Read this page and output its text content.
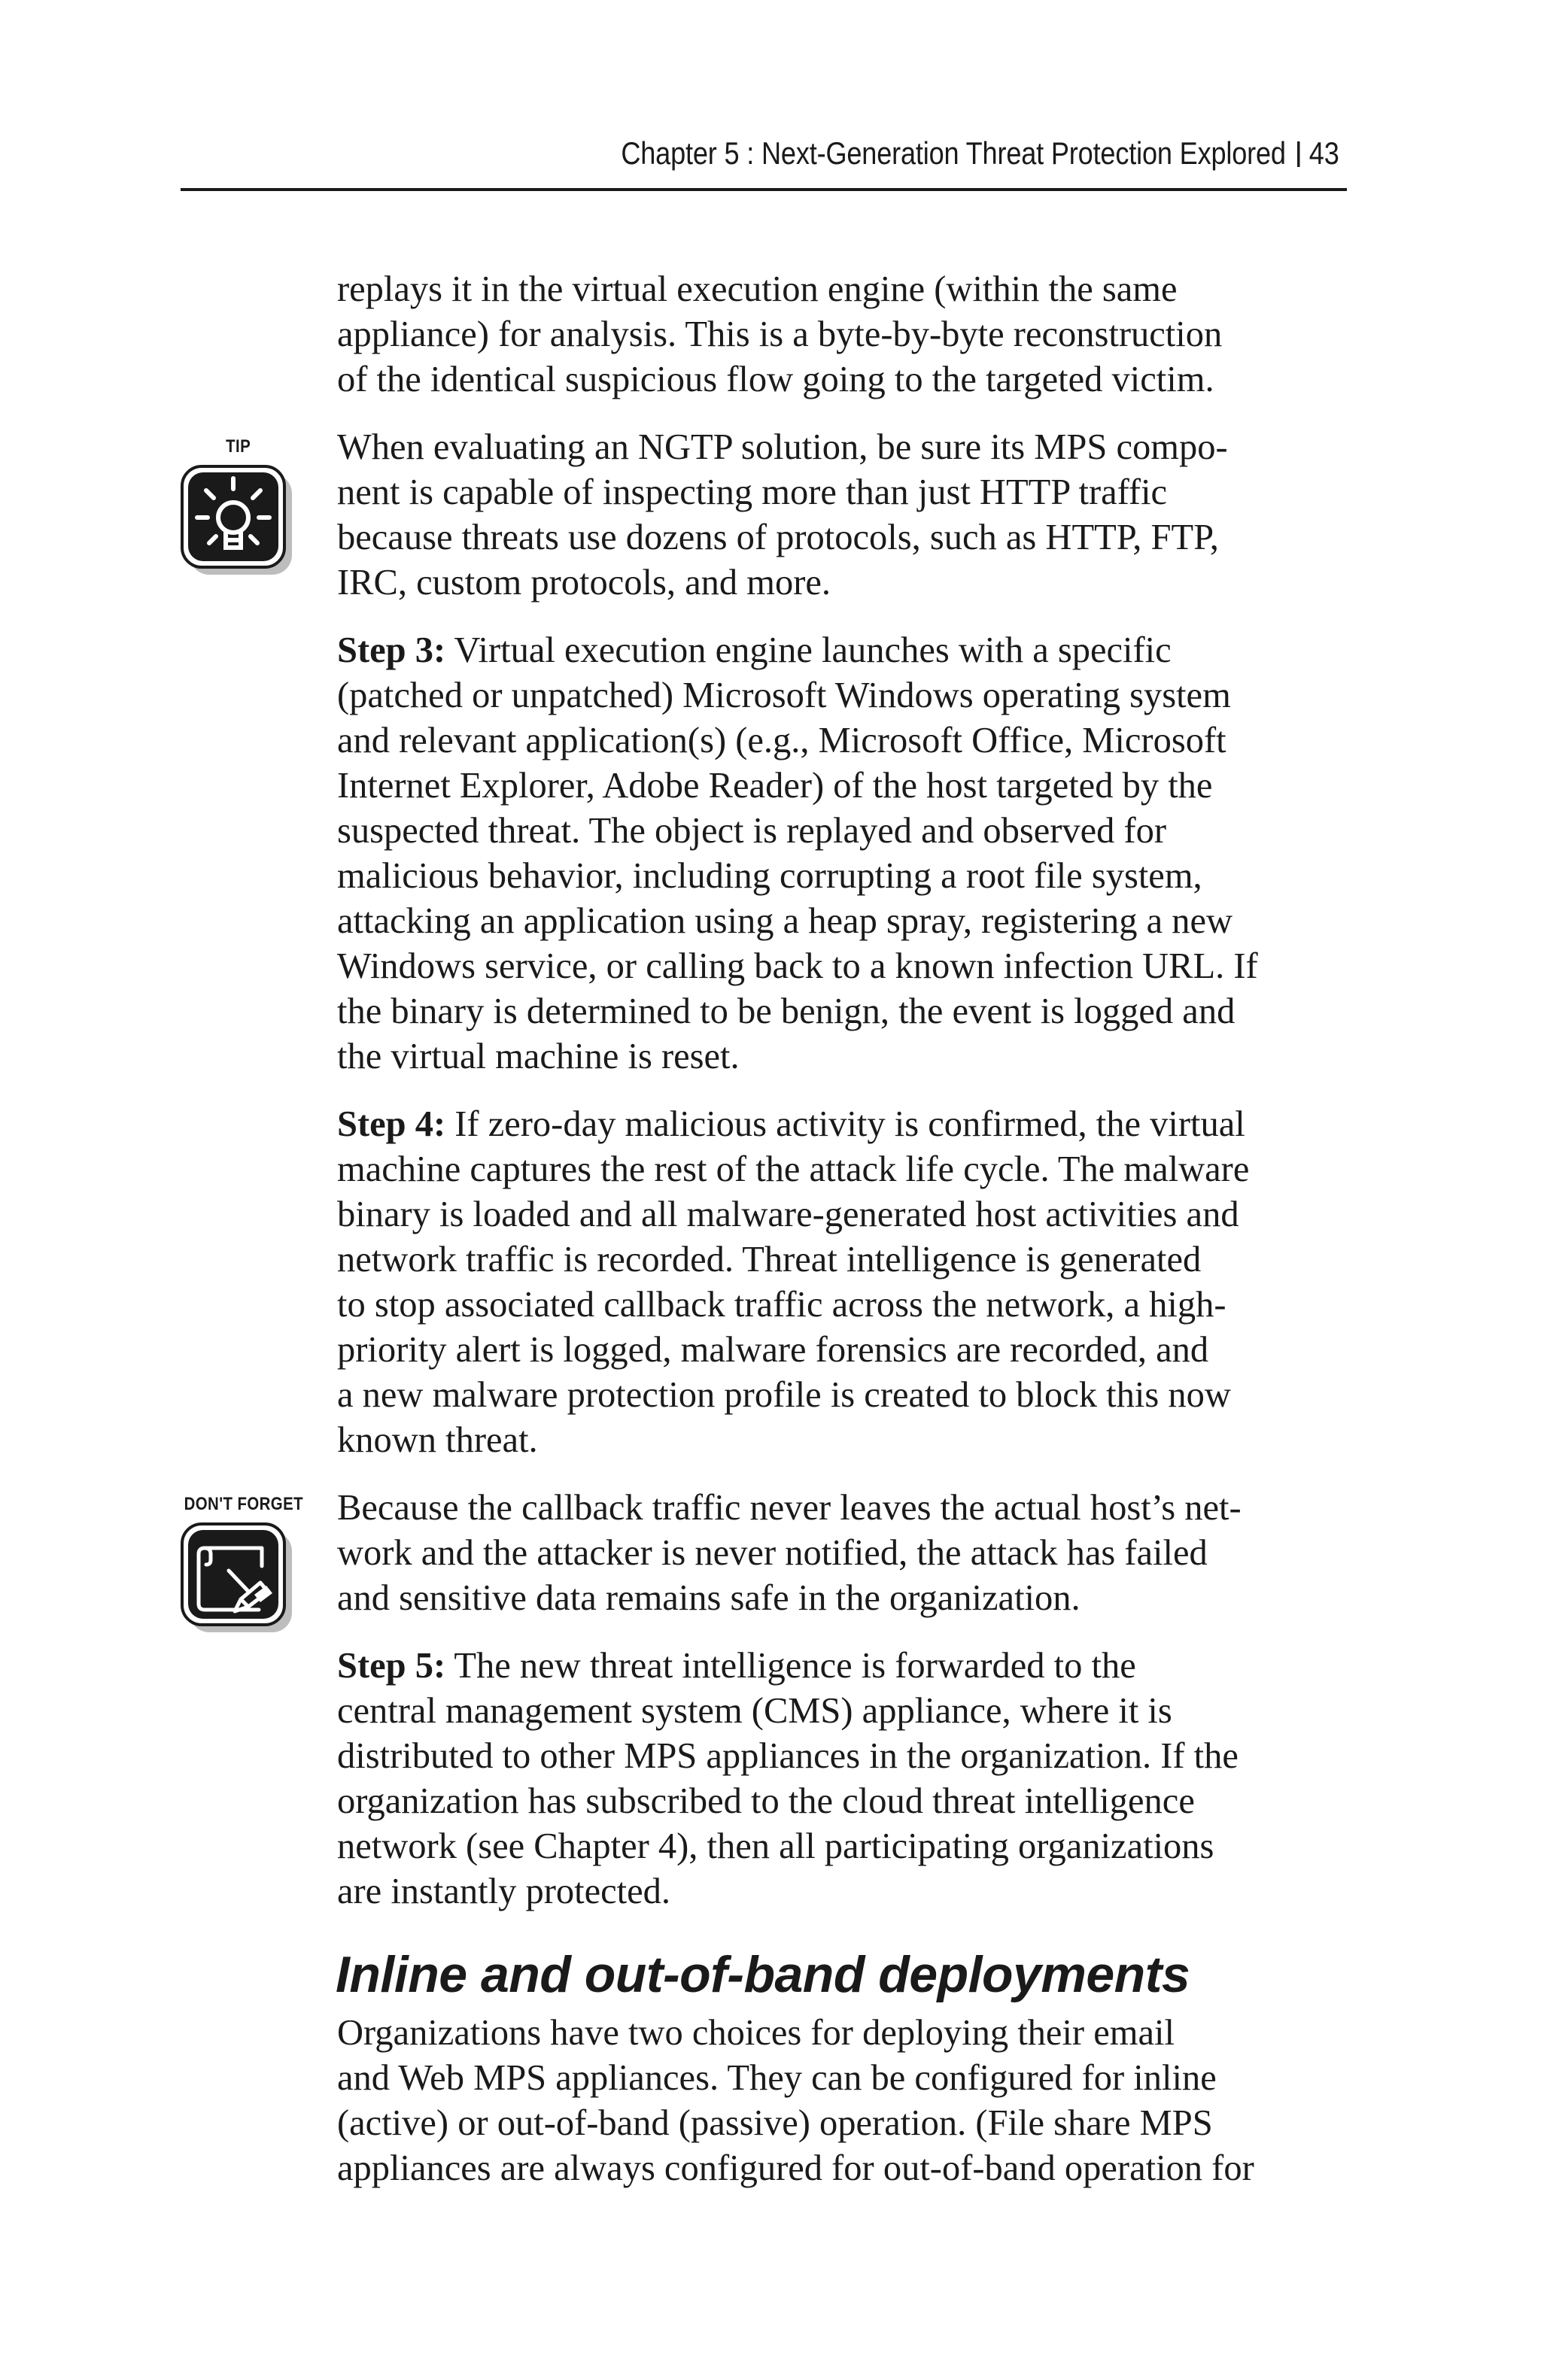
Chapter 5 : Next-Generation Threat Protection Explored 43
TIP
DON'T FORGET

replays it in the virtual execution engine (within the same
appliance) for analysis. This is a byte-by-byte reconstruction
of the identical suspicious flow going to the targeted victim.

When evaluating an NGTP solution, be sure its MPS compo-
nent is capable of inspecting more than just HTTP traffic
because threats use dozens of protocols, such as HTTP, FTP,
IRC, custom protocols, and more.

Step 3: Virtual execution engine launches with a specific
(patched or unpatched) Microsoft Windows operating system
and relevant application(s) (e.g., Microsoft Office, Microsoft
Internet Explorer, Adobe Reader) of the host targeted by the
suspected threat. The object is replayed and observed for
malicious behavior, including corrupting a root file system,
attacking an application using a heap spray, registering a new
Windows service, or calling back to a known infection URL. If
the binary is determined to be benign, the event is logged and
the virtual machine is reset.

Step 4: If zero-day malicious activity is confirmed, the virtual
machine captures the rest of the attack life cycle. The malware
binary is loaded and all malware-generated host activities and
network traffic is recorded. Threat intelligence is generated
to stop associated callback traffic across the network, a high-
priority alert is logged, malware forensics are recorded, and
a new malware protection profile is created to block this now
known threat.

Because the callback traffic never leaves the actual host’s net-
work and the attacker is never notified, the attack has failed
and sensitive data remains safe in the organization.

Step 5: The new threat intelligence is forwarded to the
central management system (CMS) appliance, where it is
distributed to other MPS appliances in the organization. If the
organization has subscribed to the cloud threat intelligence
network (see Chapter 4), then all participating organizations
are instantly protected.

Inline and out-of-band deployments

Organizations have two choices for deploying their email
and Web MPS appliances. They can be configured for inline
(active) or out-of-band (passive) operation. (File share MPS
appliances are always configured for out-of-band operation for
